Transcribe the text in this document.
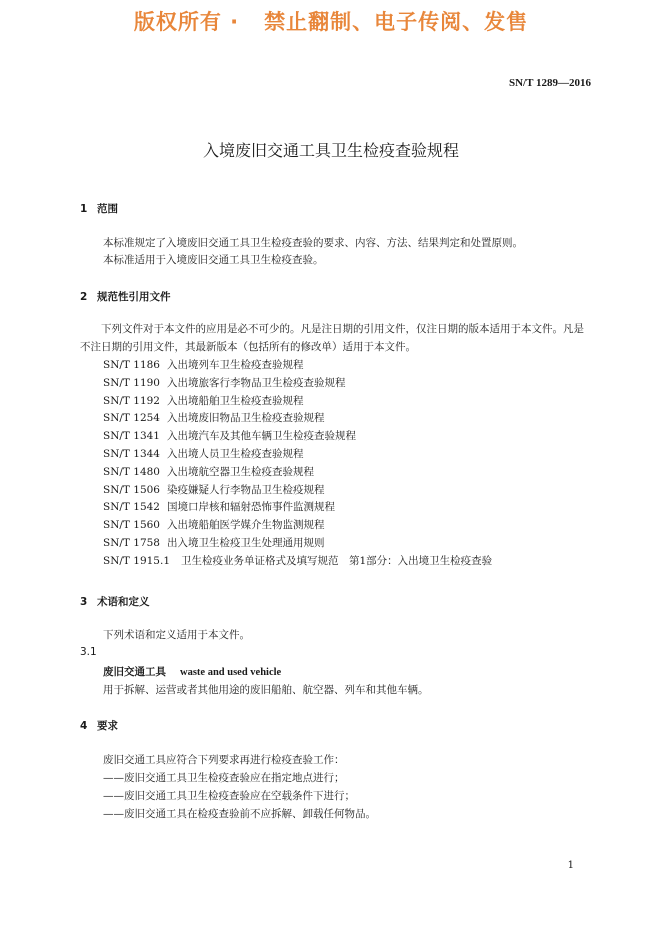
版权所有 ·   禁止翻制、电子传阅、发售
SN/T 1289—2016
入境废旧交通工具卫生检疫查验规程
1 范围
本标准规定了入境废旧交通工具卫生检疫查验的要求、内容、方法、结果判定和处置原则。
本标准适用于入境废旧交通工具卫生检疫查验。
2 规范性引用文件
下列文件对于本文件的应用是必不可少的。凡是注日期的引用文件，仅注日期的版本适用于本文件。凡是不注日期的引用文件，其最新版本（包括所有的修改单）适用于本文件。
SN/T 1186 入出境列车卫生检疫查验规程
SN/T 1190 入出境旅客行李物品卫生检疫查验规程
SN/T 1192 入出境船舶卫生检疫查验规程
SN/T 1254 入出境废旧物品卫生检疫查验规程
SN/T 1341 入出境汽车及其他车辆卫生检疫查验规程
SN/T 1344 入出境人员卫生检疫查验规程
SN/T 1480 入出境航空器卫生检疫查验规程
SN/T 1506 染疫嫌疑人行李物品卫生检疫规程
SN/T 1542 国境口岸核和辐射恐怖事件监测规程
SN/T 1560 入出境船舶医学媒介生物监测规程
SN/T 1758 出入境卫生检疫卫生处理通用规则
SN/T 1915.1 卫生检疫业务单证格式及填写规范　第1部分：入出境卫生检疫查验
3 术语和定义
下列术语和定义适用于本文件。
3.1
废旧交通工具 waste and used vehicle
用于拆解、运营或者其他用途的废旧船舶、航空器、列车和其他车辆。
4 要求
废旧交通工具应符合下列要求再进行检疫查验工作：
——废旧交通工具卫生检疫查验应在指定地点进行；
——废旧交通工具卫生检疫查验应在空载条件下进行；
——废旧交通工具在检疫查验前不应拆解、卸载任何物品。
1
